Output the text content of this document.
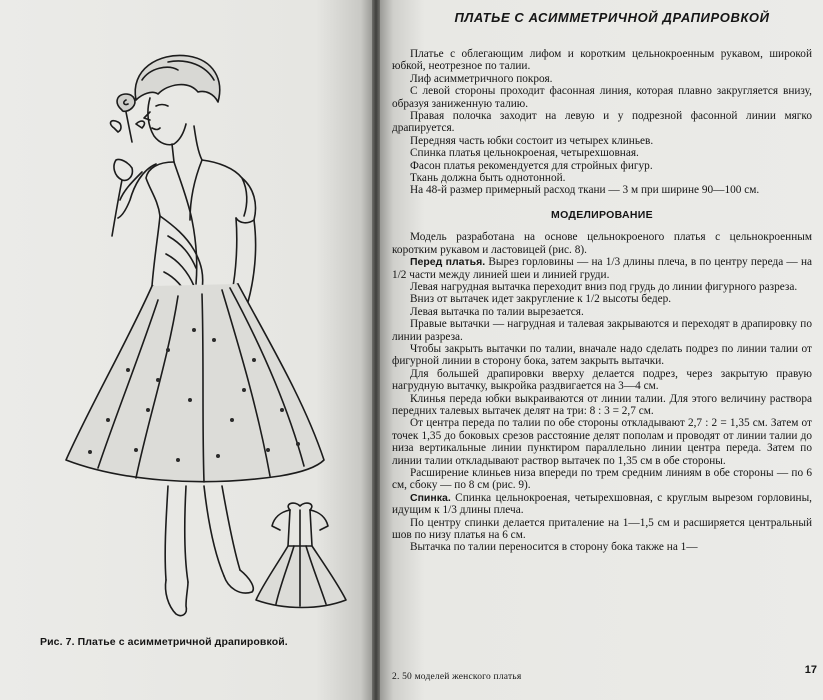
Рис. 7. Платье с асимметричной драпировкой.
ПЛАТЬЕ С АСИММЕТРИЧНОЙ ДРАПИРОВКОЙ

Платье с облегающим лифом и коротким цельнокроенным рукавом, широкой юбкой, неотрезное по талии.

Лиф асимметричного покроя.

С левой стороны проходит фасонная линия, которая плавно закругляется внизу, образуя заниженную талию.

Правая полочка заходит на левую и у подрезной фасонной линии мягко драпируется.

Передняя часть юбки состоит из четырех клиньев.

Спинка платья цельнокроеная, четырехшовная.

Фасон платья рекомендуется для стройных фигур.

Ткань должна быть однотонной.

На 48-й размер примерный расход ткани — 3 м при ширине 90—100 см.

МОДЕЛИРОВАНИЕ

Модель разработана на основе цельнокроеного платья с цельнокроенным коротким рукавом и ластовицей (рис. 8).

Перед платья. Вырез горловины — на 1/3 длины плеча, в по центру переда — на 1/2 части между линией шеи и линией груди.

Левая нагрудная вытачка переходит вниз под грудь до линии фигурного разреза.

Вниз от вытачек идет закругление к 1/2 высоты бедер.

Левая вытачка по талии вырезается.

Правые вытачки — нагрудная и талевая закрываются и переходят в драпировку по линии разреза.

Чтобы закрыть вытачки по талии, вначале надо сделать подрез по линии талии от фигурной линии в сторону бока, затем закрыть вытачки.

Для большей драпировки вверху делается подрез, через закрытую правую нагрудную вытачку, выкройка раздвигается на 3—4 см.

Клинья переда юбки выкраиваются от линии талии. Для этого величину раствора передних талевых вытачек делят на три: 8 : 3 = 2,7 см.

От центра переда по талии по обе стороны откладывают 2,7 : 2 = 1,35 см. Затем от точек 1,35 до боковых срезов расстояние делят пополам и проводят от линии талии до низа вертикальные линии пунктиром параллельно линии центра переда. Затем по линии талии откладывают раствор вытачек по 1,35 см в обе стороны.

Расширение клиньев низа впереди по трем средним линиям в обе стороны — по 6 см, сбоку — по 8 см (рис. 9).

Спинка. Спинка цельнокроеная, четырехшовная, с круглым вырезом горловины, идущим к 1/3 длины плеча.

По центру спинки делается приталение на 1—1,5 см и расширяется центральный шов по низу платья на 6 см.

Вытачка по талии переносится в сторону бока также на 1—

2. 50 моделей женского платья
17
